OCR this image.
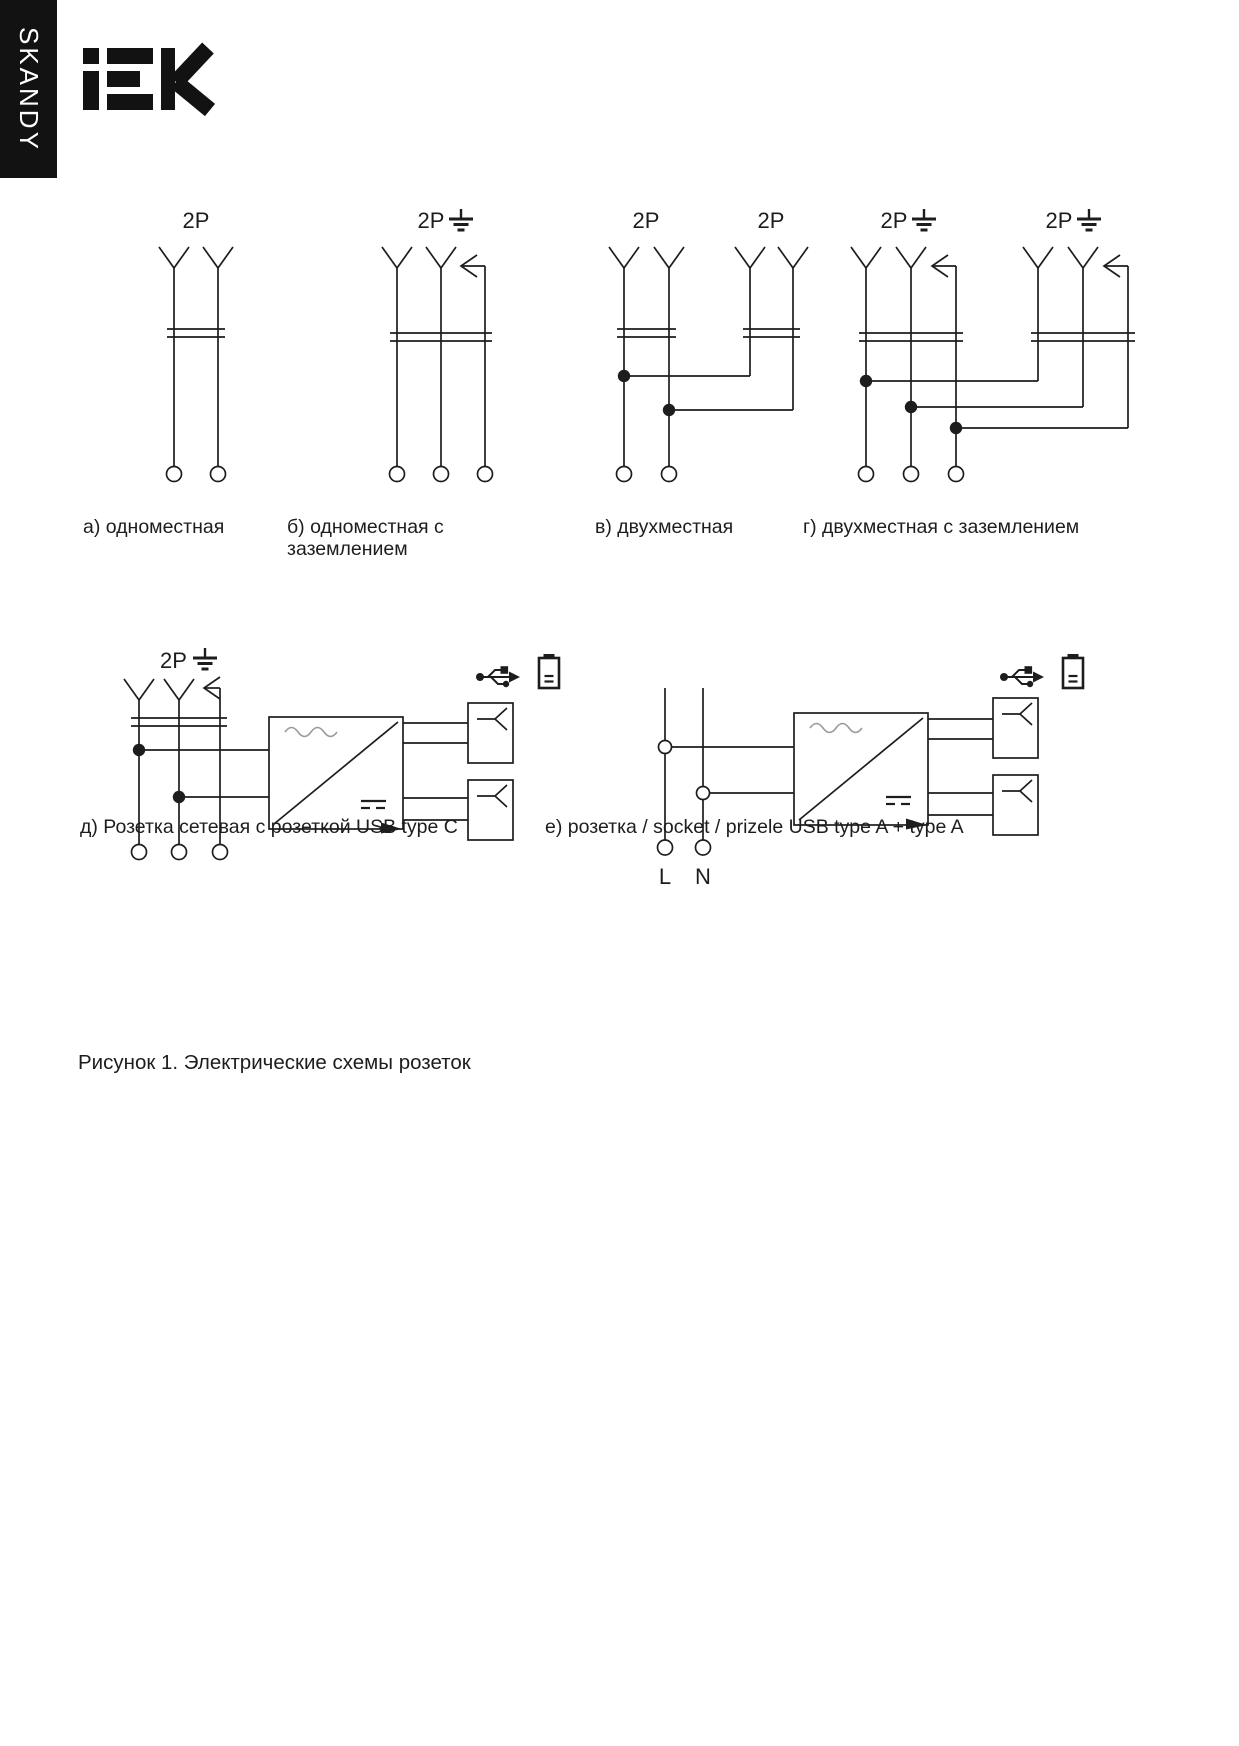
SKANDY
2P	2P	2P	2P	2P	2P
2P
L N
а) одноместная	б) одноместная с заземлением
в) двухместная	г) двухместная с заземлением
д) Розетка сетевая с розеткой USB type C	е) розетка / socket / prizele USB type A + type A
Рисунок 1. Электрические схемы розеток
